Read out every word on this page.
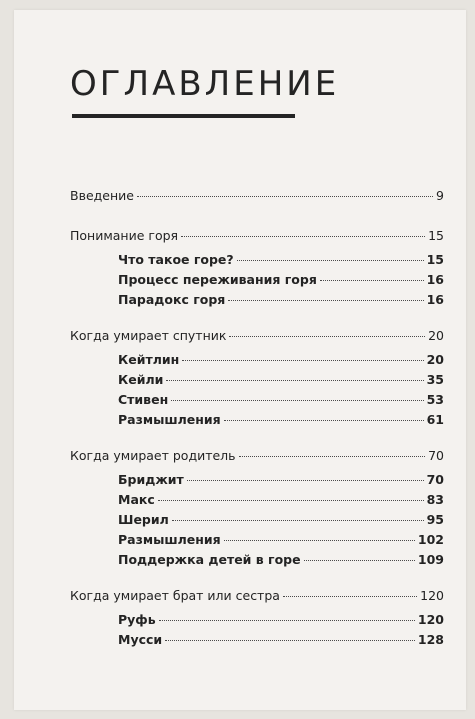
ОГЛАВЛЕНИЕ
Введение	9
Понимание горя	15
Что такое горе?	15
Процесс переживания горя	16
Парадокс горя	16
Когда умирает спутник	20
Кейтлин	20
Кейли	35
Стивен	53
Размышления	61
Когда умирает родитель	70
Бриджит	70
Макс	83
Шерил	95
Размышления	102
Поддержка детей в горе	109
Когда умирает брат или сестра	120
Руфь	120
Мусси	128
